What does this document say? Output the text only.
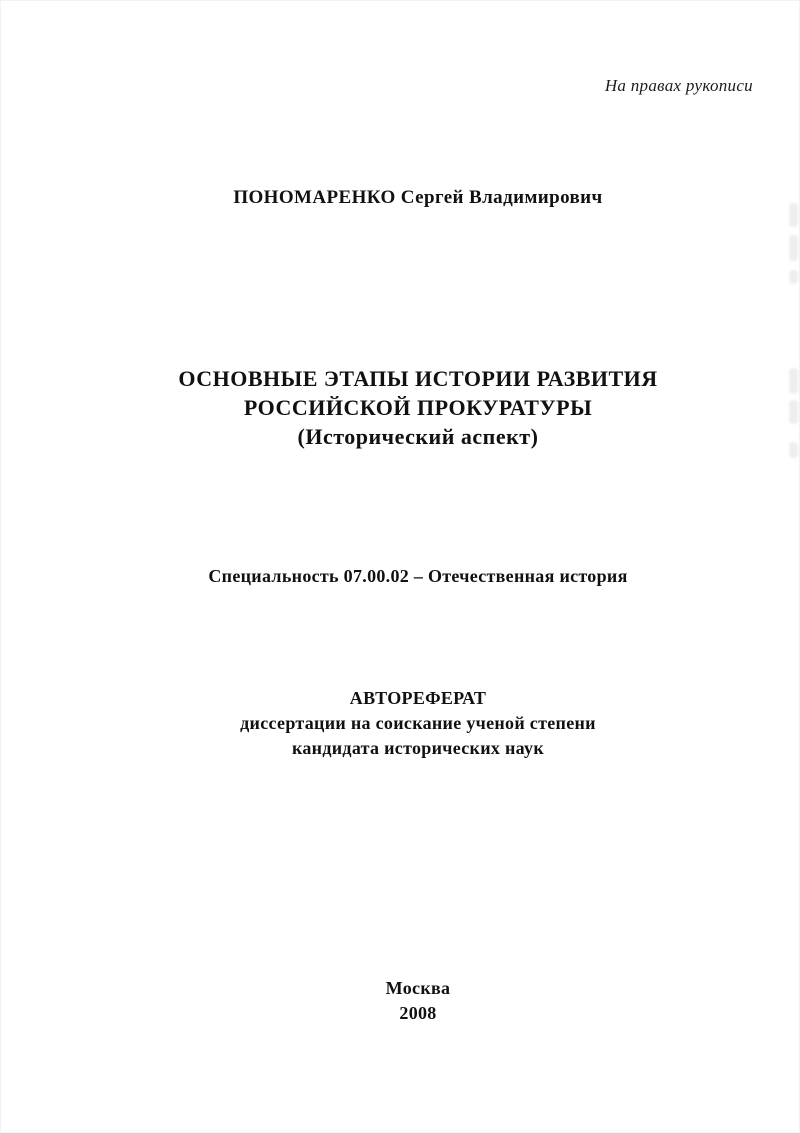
На правах рукописи
ПОНОМАРЕНКО Сергей Владимирович
ОСНОВНЫЕ ЭТАПЫ ИСТОРИИ РАЗВИТИЯ
РОССИЙСКОЙ ПРОКУРАТУРЫ
(Исторический аспект)
Специальность 07.00.02 – Отечественная история
АВТОРЕФЕРАТ
диссертации на соискание ученой степени
кандидата исторических наук
Москва
2008
